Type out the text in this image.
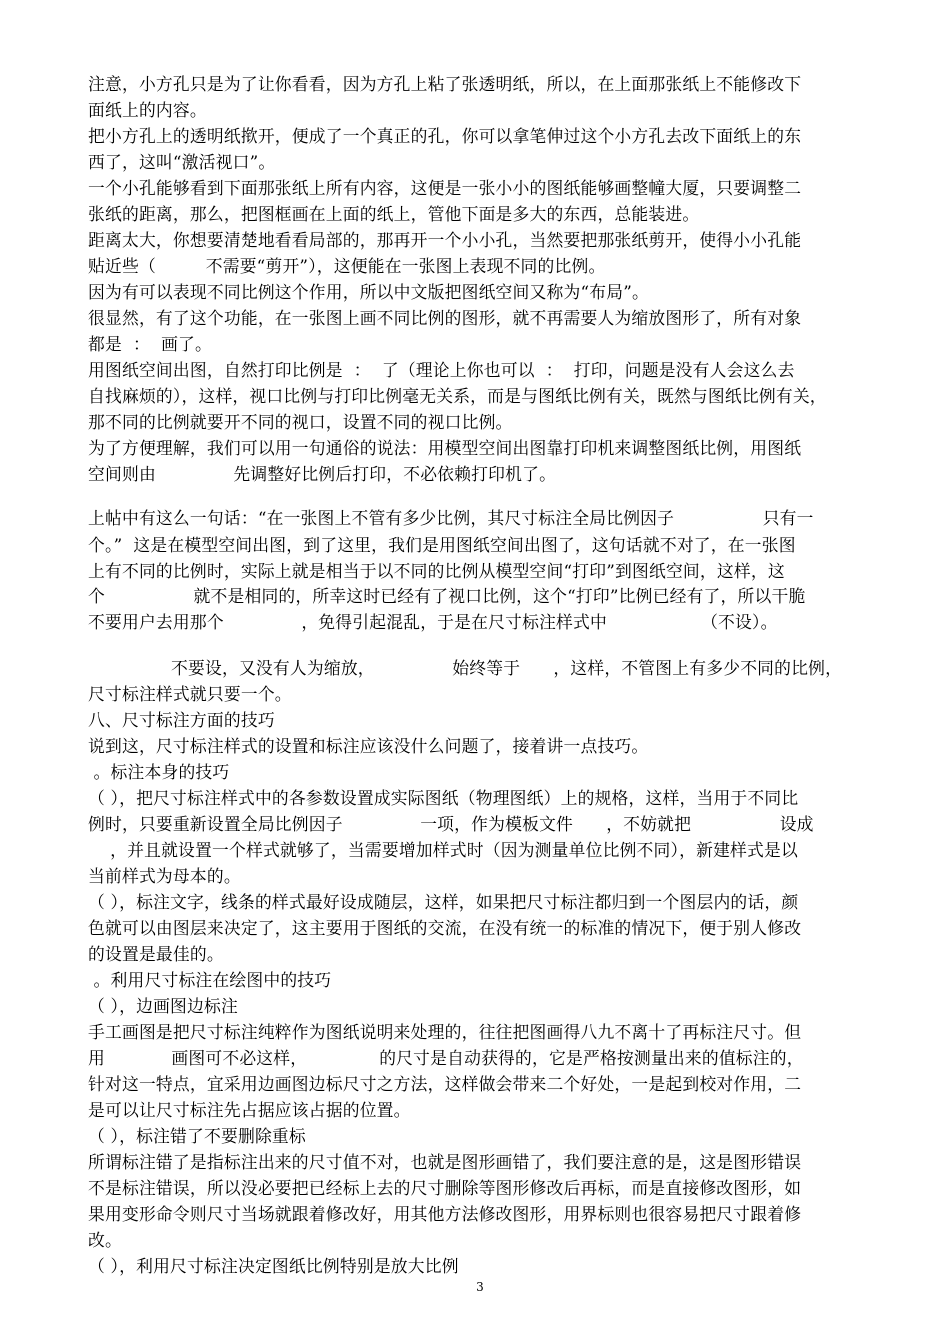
注意，小方孔只是为了让你看看，因为方孔上粘了张透明纸，所以，在上面那张纸上不能修改下
面纸上的内容。
把小方孔上的透明纸揿开，便成了一个真正的孔，你可以拿笔伸过这个小方孔去改下面纸上的东
西了，这叫“激活视口”。
一个小孔能够看到下面那张纸上所有内容，这便是一张小小的图纸能够画整幢大厦，只要调整二
张纸的距离，那么，把图框画在上面的纸上，管他下面是多大的东西，总能装进。
距离太大，你想要清楚地看看局部的，那再开一个小小孔，当然要把那张纸剪开，使得小小孔能
贴近些（         不需要“剪开”），这便能在一张图上表现不同的比例。
因为有可以表现不同比例这个作用，所以中文版把图纸空间又称为“布局”。
很显然，有了这个功能，在一张图上画不同比例的图形，就不再需要人为缩放图形了，所有对象
都是  ：  画了。
用图纸空间出图，自然打印比例是  ：  了（理论上你也可以  ：  打印，问题是没有人会这么去
自找麻烦的），这样，视口比例与打印比例毫无关系，而是与图纸比例有关，既然与图纸比例有关，
那不同的比例就要开不同的视口，设置不同的视口比例。
为了方便理解，我们可以用一句通俗的说法：用模型空间出图靠打印机来调整图纸比例，用图纸
空间则由              先调整好比例后打印，不必依赖打印机了。
上帖中有这么一句话：“在一张图上不管有多少比例，其尺寸标注全局比例因子                只有一
个。”  这是在模型空间出图，到了这里，我们是用图纸空间出图了，这句话就不对了，在一张图
上有不同的比例时，实际上就是相当于以不同的比例从模型空间“打印”到图纸空间，这样，这
个                就不是相同的，所幸这时已经有了视口比例，这个“打印”比例已经有了，所以干脆
不要用户去用那个              ，免得引起混乱，于是在尺寸标注样式中                 （不设）。
不要设，又没有人为缩放，              始终等于      ，这样，不管图上有多少不同的比例，
尺寸标注样式就只要一个。
八、尺寸标注方面的技巧
说到这，尺寸标注样式的设置和标注应该没什么问题了，接着讲一点技巧。
。标注本身的技巧
（ ），把尺寸标注样式中的各参数设置成实际图纸（物理图纸）上的规格，这样，当用于不同比
例时，只要重新设置全局比例因子              一项，作为模板文件      ，不妨就把                设成
，并且就设置一个样式就够了，当需要增加样式时（因为测量单位比例不同），新建样式是以
当前样式为母本的。
（ ），标注文字，线条的样式最好设成随层，这样，如果把尺寸标注都归到一个图层内的话，颜
色就可以由图层来决定了，这主要用于图纸的交流，在没有统一的标准的情况下，便于别人修改
的设置是最佳的。
。利用尺寸标注在绘图中的技巧
（ ），边画图边标注
手工画图是把尺寸标注纯粹作为图纸说明来处理的，往往把图画得八九不离十了再标注尺寸。但
用            画图可不必这样，             的尺寸是自动获得的，它是严格按测量出来的值标注的，
针对这一特点，宜采用边画图边标尺寸之方法，这样做会带来二个好处，一是起到校对作用，二
是可以让尺寸标注先占据应该占据的位置。
（ ），标注错了不要删除重标
所谓标注错了是指标注出来的尺寸值不对，也就是图形画错了，我们要注意的是，这是图形错误
不是标注错误，所以没必要把已经标上去的尺寸删除等图形修改后再标，而是直接修改图形，如
果用变形命令则尺寸当场就跟着修改好，用其他方法修改图形，用界标则也很容易把尺寸跟着修
改。
（ ），利用尺寸标注决定图纸比例特别是放大比例
3
